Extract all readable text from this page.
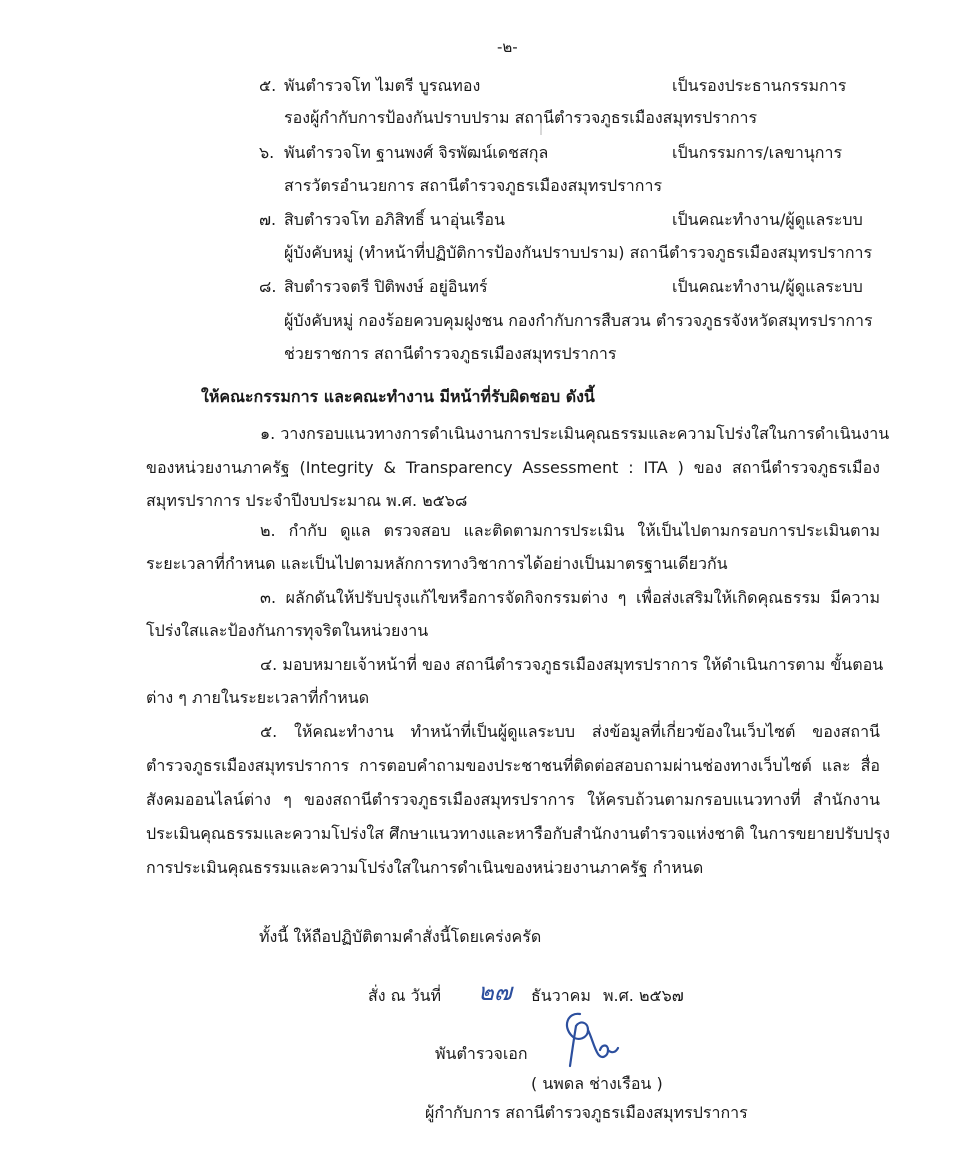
-๒-
๕. พันตำรวจโท ไมตรี บูรณทอง	เป็นรองประธานกรรมการ
รองผู้กำกับการป้องกันปราบปราม สถานีตำรวจภูธรเมืองสมุทรปราการ
๖. พันตำรวจโท ฐานพงศ์ จิรพัฒน์เดชสกุล	เป็นกรรมการ/เลขานุการ
สารวัตรอำนวยการ สถานีตำรวจภูธรเมืองสมุทรปราการ
๗. สิบตำรวจโท อภิสิทธิ์ นาอุ่นเรือน	เป็นคณะทำงาน/ผู้ดูแลระบบ
ผู้บังคับหมู่ (ทำหน้าที่ปฏิบัติการป้องกันปราบปราม) สถานีตำรวจภูธรเมืองสมุทรปราการ
๘. สิบตำรวจตรี ปิติพงษ์ อยู่อินทร์	เป็นคณะทำงาน/ผู้ดูแลระบบ
ผู้บังคับหมู่ กองร้อยควบคุมฝูงชน กองกำกับการสืบสวน ตำรวจภูธรจังหวัดสมุทรปราการ
ช่วยราชการ สถานีตำรวจภูธรเมืองสมุทรปราการ
ให้คณะกรรมการ และคณะทำงาน มีหน้าที่รับผิดชอบ ดังนี้
๑. วางกรอบแนวทางการดำเนินงานการประเมินคุณธรรมและความโปร่งใสในการดำเนินงาน
ของหน่วยงานภาครัฐ (Integrity & Transparency Assessment : ITA ) ของ สถานีตำรวจภูธรเมือง
สมุทรปราการ ประจำปีงบประมาณ พ.ศ. ๒๕๖๘
๒. กำกับ ดูแล ตรวจสอบ และติดตามการประเมิน ให้เป็นไปตามกรอบการประเมินตาม
ระยะเวลาที่กำหนด และเป็นไปตามหลักการทางวิชาการได้อย่างเป็นมาตรฐานเดียวกัน
๓. ผลักดันให้ปรับปรุงแก้ไขหรือการจัดกิจกรรมต่าง ๆ เพื่อส่งเสริมให้เกิดคุณธรรม มีความ
โปร่งใสและป้องกันการทุจริตในหน่วยงาน
๔. มอบหมายเจ้าหน้าที่ ของ สถานีตำรวจภูธรเมืองสมุทรปราการ ให้ดำเนินการตาม ขั้นตอน
ต่าง ๆ ภายในระยะเวลาที่กำหนด
๕. ให้คณะทำงาน ทำหน้าที่เป็นผู้ดูแลระบบ ส่งข้อมูลที่เกี่ยวข้องในเว็บไซต์ ของสถานี
ตำรวจภูธรเมืองสมุทรปราการ การตอบคำถามของประชาชนที่ติดต่อสอบถามผ่านช่องทางเว็บไซต์ และ สื่อ
สังคมออนไลน์ต่าง ๆ ของสถานีตำรวจภูธรเมืองสมุทรปราการ ให้ครบถ้วนตามกรอบแนวทางที่ สำนักงาน
ประเมินคุณธรรมและความโปร่งใส ศึกษาแนวทางและหารือกับสำนักงานตำรวจแห่งชาติ ในการขยายปรับปรุง
การประเมินคุณธรรมและความโปร่งใสในการดำเนินของหน่วยงานภาครัฐ กำหนด
ทั้งนี้ ให้ถือปฏิบัติตามคำสั่งนี้โดยเคร่งครัด
สั่ง ณ วันที่ ๒๗ ธันวาคม พ.ศ. ๒๕๖๗
พันตำรวจเอก
( นพดล ช่างเรือน )
ผู้กำกับการ สถานีตำรวจภูธรเมืองสมุทรปราการ
